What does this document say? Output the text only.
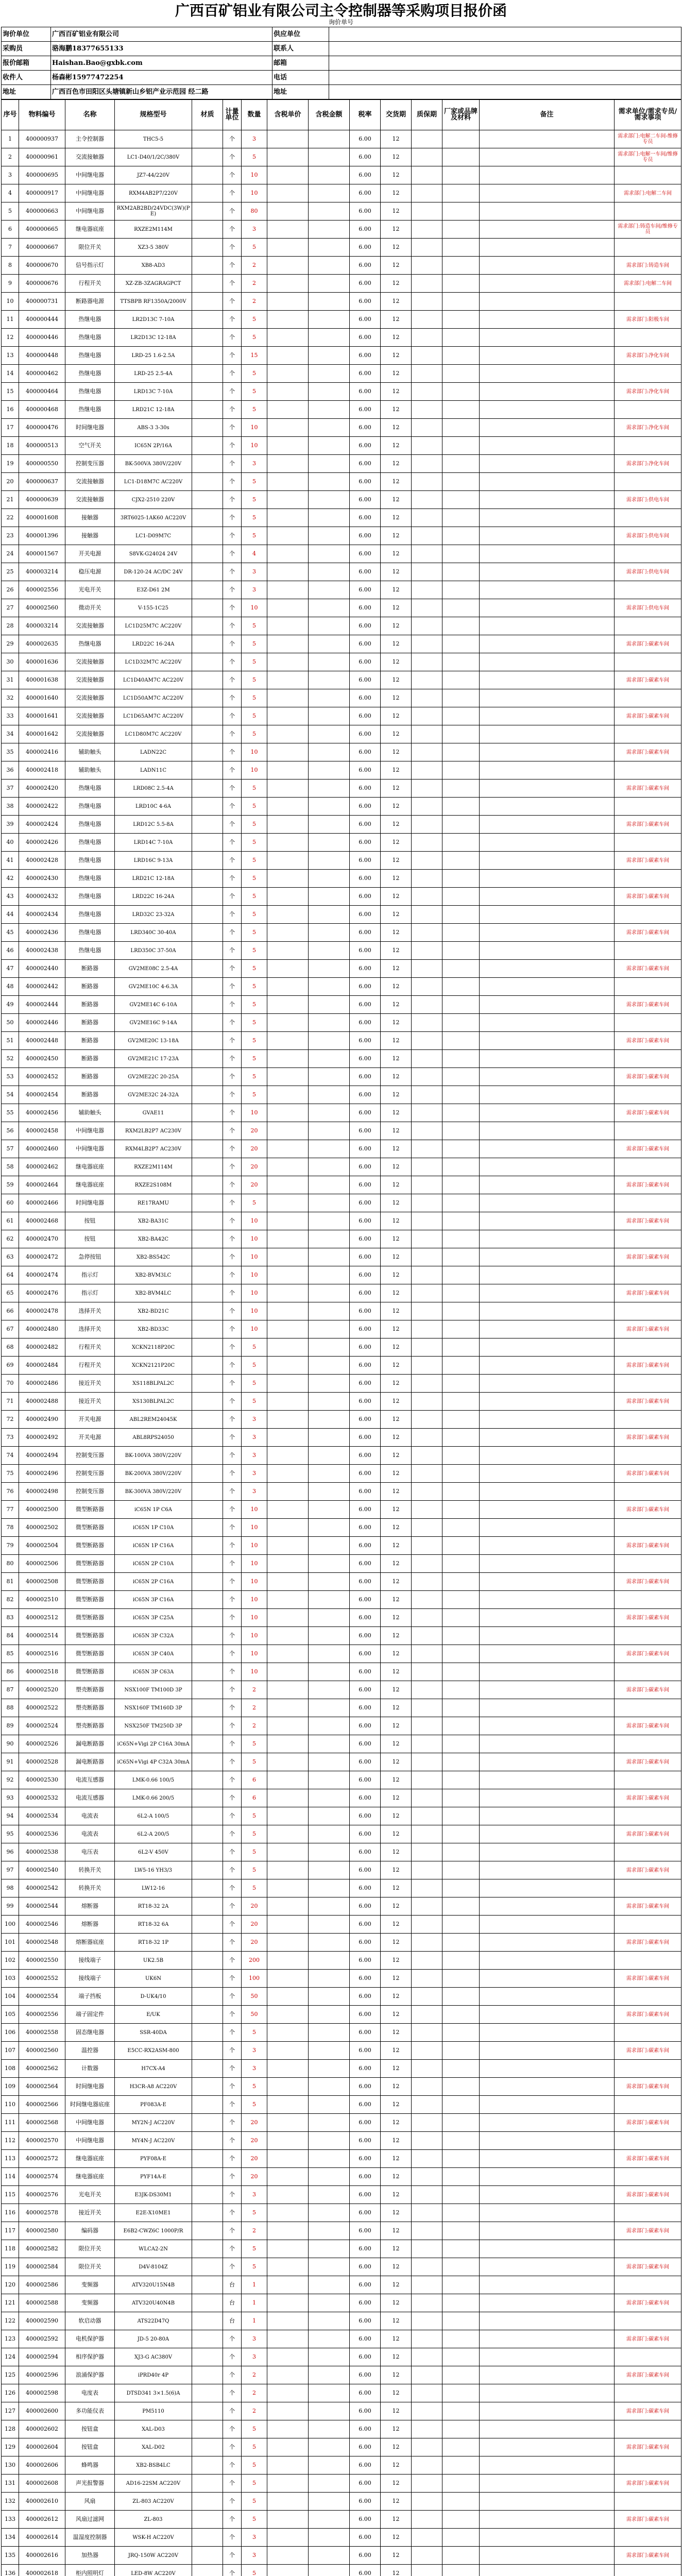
广西百矿铝业有限公司主令控制器等采购项目报价函
询价单号
询价单位	广西百矿铝业有限公司	供应单位	
采购员	骆海鹏18377655133	联系人	
报价邮箱	Haishan.Bao@gxbk.com	邮箱	
收件人	杨森彬15977472254	电话	
地址	广西百色市田阳区头塘镇新山乡铝产业示范园 经二路	地址	
序号	物料编号	名称	规格型号	材质	计量单位	数量	含税单价	含税金额	税率	交货期	质保期	厂家或品牌及材料	备注	需求单位/需求专员/需求事项
1	400000937	主令控制器	THC5-5		个	3			6.00	12				需求部门:电解二车间-维修专员
2	400000961	交流接触器	LC1-D40/1/2C/380V		个	5			6.00	12				需求部门:电解一车间/维修专员
3	400000695	中间继电器	JZ7-44/220V		个	10			6.00	12				
4	400000917	中间继电器	RXM4AB2P7/220V		个	10			6.00	12				需求部门:电解二车间
5	400000663	中间继电器	RXM2AB2BD/24VDC(3W)(PE)		个	80			6.00	12				
6	400000665	继电器底座	RXZE2M114M		个	3			6.00	12				需求部门:铸造车间/维修专员
7	400000667	限位开关	XZ3-5 380V		个	5			6.00	12				
8	400000670	信号指示灯	XB8-AD3		个	2			6.00	12				需求部门:铸造车间
9	400000676	行程开关	XZ-ZB-3ZAGRAGPCT		个	2			6.00	12				需求部门:电解二车间
10	400000731	断路器电源	TTSBPB RF1350A/2000V		个	2			6.00	12				
11	400000444	热继电器	LR2D13C 7-10A		个	5			6.00	12				需求部门:阳极车间
12	400000446	热继电器	LR2D13C 12-18A		个	5			6.00	12				
13	400000448	热继电器	LRD-25 1.6-2.5A		个	15			6.00	12				需求部门:净化车间
14	400000462	热继电器	LRD-25 2.5-4A		个	5			6.00	12				
15	400000464	热继电器	LRD13C 7-10A		个	5			6.00	12				需求部门:净化车间
16	400000468	热继电器	LRD21C 12-18A		个	5			6.00	12				
17	400000476	时间继电器	ABS-3 3-30s		个	10			6.00	12				需求部门:净化车间
18	400000513	空气开关	IC65N 2P/16A		个	10			6.00	12				
19	400000550	控制变压器	BK-500VA 380V/220V		个	3			6.00	12				需求部门:净化车间
20	400000637	交流接触器	LC1-D18M7C AC220V		个	5			6.00	12				
21	400000639	交流接触器	CJX2-2510 220V		个	5			6.00	12				需求部门:供电车间
22	400001608	接触器	3RT6025-1AK60 AC220V		个	5			6.00	12				
23	400001396	接触器	LC1-D09M7C		个	5			6.00	12				需求部门:供电车间
24	400001567	开关电源	S8VK-G24024 24V		个	4			6.00	12				
25	400003214	稳压电源	DR-120-24 AC/DC 24V		个	3			6.00	12				需求部门:供电车间
26	400002556	光电开关	E3Z-D61 2M		个	3			6.00	12				
27	400002560	微动开关	V-155-1C25		个	10			6.00	12				需求部门:供电车间
28	400003214	交流接触器	LC1D25M7C AC220V		个	5			6.00	12				
29	400002635	热继电器	LRD22C 16-24A		个	5			6.00	12				需求部门:碳素车间
30	400001636	交流接触器	LC1D32M7C AC220V		个	5			6.00	12				
31	400001638	交流接触器	LC1D40AM7C AC220V		个	5			6.00	12				需求部门:碳素车间
32	400001640	交流接触器	LC1D50AM7C AC220V		个	5			6.00	12				
33	400001641	交流接触器	LC1D65AM7C AC220V		个	5			6.00	12				需求部门:碳素车间
34	400001642	交流接触器	LC1D80M7C AC220V		个	5			6.00	12				
35	400002416	辅助触头	LADN22C		个	10			6.00	12				需求部门:碳素车间
36	400002418	辅助触头	LADN11C		个	10			6.00	12				
37	400002420	热继电器	LRD08C 2.5-4A		个	5			6.00	12				需求部门:碳素车间
38	400002422	热继电器	LRD10C 4-6A		个	5			6.00	12				
39	400002424	热继电器	LRD12C 5.5-8A		个	5			6.00	12				需求部门:碳素车间
40	400002426	热继电器	LRD14C 7-10A		个	5			6.00	12				
41	400002428	热继电器	LRD16C 9-13A		个	5			6.00	12				需求部门:碳素车间
42	400002430	热继电器	LRD21C 12-18A		个	5			6.00	12				
43	400002432	热继电器	LRD22C 16-24A		个	5			6.00	12				需求部门:碳素车间
44	400002434	热继电器	LRD32C 23-32A		个	5			6.00	12				
45	400002436	热继电器	LRD340C 30-40A		个	5			6.00	12				需求部门:碳素车间
46	400002438	热继电器	LRD350C 37-50A		个	5			6.00	12				
47	400002440	断路器	GV2ME08C 2.5-4A		个	5			6.00	12				需求部门:碳素车间
48	400002442	断路器	GV2ME10C 4-6.3A		个	5			6.00	12				
49	400002444	断路器	GV2ME14C 6-10A		个	5			6.00	12				需求部门:碳素车间
50	400002446	断路器	GV2ME16C 9-14A		个	5			6.00	12				
51	400002448	断路器	GV2ME20C 13-18A		个	5			6.00	12				需求部门:碳素车间
52	400002450	断路器	GV2ME21C 17-23A		个	5			6.00	12				
53	400002452	断路器	GV2ME22C 20-25A		个	5			6.00	12				需求部门:碳素车间
54	400002454	断路器	GV2ME32C 24-32A		个	5			6.00	12				
55	400002456	辅助触头	GVAE11		个	10			6.00	12				需求部门:碳素车间
56	400002458	中间继电器	RXM2LB2P7 AC230V		个	20			6.00	12				
57	400002460	中间继电器	RXM4LB2P7 AC230V		个	20			6.00	12				需求部门:碳素车间
58	400002462	继电器底座	RXZE2M114M		个	20			6.00	12				
59	400002464	继电器底座	RXZE2S108M		个	20			6.00	12				需求部门:碳素车间
60	400002466	时间继电器	RE17RAMU		个	5			6.00	12				
61	400002468	按钮	XB2-BA31C		个	10			6.00	12				需求部门:碳素车间
62	400002470	按钮	XB2-BA42C		个	10			6.00	12				
63	400002472	急停按钮	XB2-BS542C		个	10			6.00	12				需求部门:碳素车间
64	400002474	指示灯	XB2-BVM3LC		个	10			6.00	12				
65	400002476	指示灯	XB2-BVM4LC		个	10			6.00	12				需求部门:碳素车间
66	400002478	选择开关	XB2-BD21C		个	10			6.00	12				
67	400002480	选择开关	XB2-BD33C		个	10			6.00	12				需求部门:碳素车间
68	400002482	行程开关	XCKN2118P20C		个	5			6.00	12				
69	400002484	行程开关	XCKN2121P20C		个	5			6.00	12				需求部门:碳素车间
70	400002486	接近开关	XS118BLPAL2C		个	5			6.00	12				
71	400002488	接近开关	XS130BLPAL2C		个	5			6.00	12				需求部门:碳素车间
72	400002490	开关电源	ABL2REM24045K		个	3			6.00	12				
73	400002492	开关电源	ABL8RPS24050		个	3			6.00	12				需求部门:碳素车间
74	400002494	控制变压器	BK-100VA 380V/220V		个	3			6.00	12				
75	400002496	控制变压器	BK-200VA 380V/220V		个	3			6.00	12				需求部门:碳素车间
76	400002498	控制变压器	BK-300VA 380V/220V		个	3			6.00	12				
77	400002500	微型断路器	iC65N 1P C6A		个	10			6.00	12				需求部门:碳素车间
78	400002502	微型断路器	iC65N 1P C10A		个	10			6.00	12				
79	400002504	微型断路器	iC65N 1P C16A		个	10			6.00	12				需求部门:碳素车间
80	400002506	微型断路器	iC65N 2P C10A		个	10			6.00	12				
81	400002508	微型断路器	iC65N 2P C16A		个	10			6.00	12				需求部门:碳素车间
82	400002510	微型断路器	iC65N 3P C16A		个	10			6.00	12				
83	400002512	微型断路器	iC65N 3P C25A		个	10			6.00	12				需求部门:碳素车间
84	400002514	微型断路器	iC65N 3P C32A		个	10			6.00	12				
85	400002516	微型断路器	iC65N 3P C40A		个	10			6.00	12				需求部门:碳素车间
86	400002518	微型断路器	iC65N 3P C63A		个	10			6.00	12				
87	400002520	塑壳断路器	NSX100F TM100D 3P		个	2			6.00	12				需求部门:碳素车间
88	400002522	塑壳断路器	NSX160F TM160D 3P		个	2			6.00	12				
89	400002524	塑壳断路器	NSX250F TM250D 3P		个	2			6.00	12				需求部门:碳素车间
90	400002526	漏电断路器	iC65N+Vigi 2P C16A 30mA		个	5			6.00	12				
91	400002528	漏电断路器	iC65N+Vigi 4P C32A 30mA		个	5			6.00	12				需求部门:碳素车间
92	400002530	电流互感器	LMK-0.66 100/5		个	6			6.00	12				
93	400002532	电流互感器	LMK-0.66 200/5		个	6			6.00	12				需求部门:碳素车间
94	400002534	电流表	6L2-A 100/5		个	5			6.00	12				
95	400002536	电流表	6L2-A 200/5		个	5			6.00	12				需求部门:碳素车间
96	400002538	电压表	6L2-V 450V		个	5			6.00	12				
97	400002540	转换开关	LW5-16 YH3/3		个	5			6.00	12				需求部门:碳素车间
98	400002542	转换开关	LW12-16		个	5			6.00	12				
99	400002544	熔断器	RT18-32 2A		个	20			6.00	12				需求部门:碳素车间
100	400002546	熔断器	RT18-32 6A		个	20			6.00	12				
101	400002548	熔断器底座	RT18-32 1P		个	20			6.00	12				需求部门:碳素车间
102	400002550	接线端子	UK2.5B		个	200			6.00	12				
103	400002552	接线端子	UK6N		个	100			6.00	12				需求部门:碳素车间
104	400002554	端子挡板	D-UK4/10		个	50			6.00	12				
105	400002556	端子固定件	E/UK		个	50			6.00	12				需求部门:碳素车间
106	400002558	固态继电器	SSR-40DA		个	5			6.00	12				
107	400002560	温控器	E5CC-RX2ASM-800		个	3			6.00	12				需求部门:碳素车间
108	400002562	计数器	H7CX-A4		个	3			6.00	12				
109	400002564	时间继电器	H3CR-A8 AC220V		个	5			6.00	12				需求部门:碳素车间
110	400002566	时间继电器底座	PF083A-E		个	5			6.00	12				
111	400002568	中间继电器	MY2N-J AC220V		个	20			6.00	12				需求部门:碳素车间
112	400002570	中间继电器	MY4N-J AC220V		个	20			6.00	12				
113	400002572	继电器底座	PYF08A-E		个	20			6.00	12				需求部门:碳素车间
114	400002574	继电器底座	PYF14A-E		个	20			6.00	12				
115	400002576	光电开关	E3JK-DS30M1		个	3			6.00	12				需求部门:碳素车间
116	400002578	接近开关	E2E-X10ME1		个	5			6.00	12				
117	400002580	编码器	E6B2-CWZ6C 1000P/R		个	2			6.00	12				需求部门:碳素车间
118	400002582	限位开关	WLCA2-2N		个	5			6.00	12				
119	400002584	限位开关	D4V-8104Z		个	5			6.00	12				需求部门:碳素车间
120	400002586	变频器	ATV320U15N4B		台	1			6.00	12				
121	400002588	变频器	ATV320U40N4B		台	1			6.00	12				需求部门:碳素车间
122	400002590	软启动器	ATS22D47Q		台	1			6.00	12				
123	400002592	电机保护器	JD-5 20-80A		个	3			6.00	12				需求部门:碳素车间
124	400002594	相序保护器	XJ3-G AC380V		个	3			6.00	12				
125	400002596	浪涌保护器	iPRD40r 4P		个	2			6.00	12				需求部门:碳素车间
126	400002598	电度表	DTSD341 3×1.5(6)A		个	2			6.00	12				
127	400002600	多功能仪表	PM5110		个	2			6.00	12				需求部门:碳素车间
128	400002602	按钮盒	XAL-D03		个	5			6.00	12				
129	400002604	按钮盒	XAL-D02		个	5			6.00	12				需求部门:碳素车间
130	400002606	蜂鸣器	XB2-BSB4LC		个	5			6.00	12				
131	400002608	声光报警器	AD16-22SM AC220V		个	5			6.00	12				需求部门:碳素车间
132	400002610	风扇	ZL-803 AC220V		个	5			6.00	12				
133	400002612	风扇过滤网	ZL-803		个	5			6.00	12				需求部门:碳素车间
134	400002614	温湿度控制器	WSK-H AC220V		个	3			6.00	12				
135	400002616	加热器	JRQ-150W AC220V		个	3			6.00	12				需求部门:碳素车间
136	400002618	柜内照明灯	LED-8W AC220V		个	5			6.00	12				
